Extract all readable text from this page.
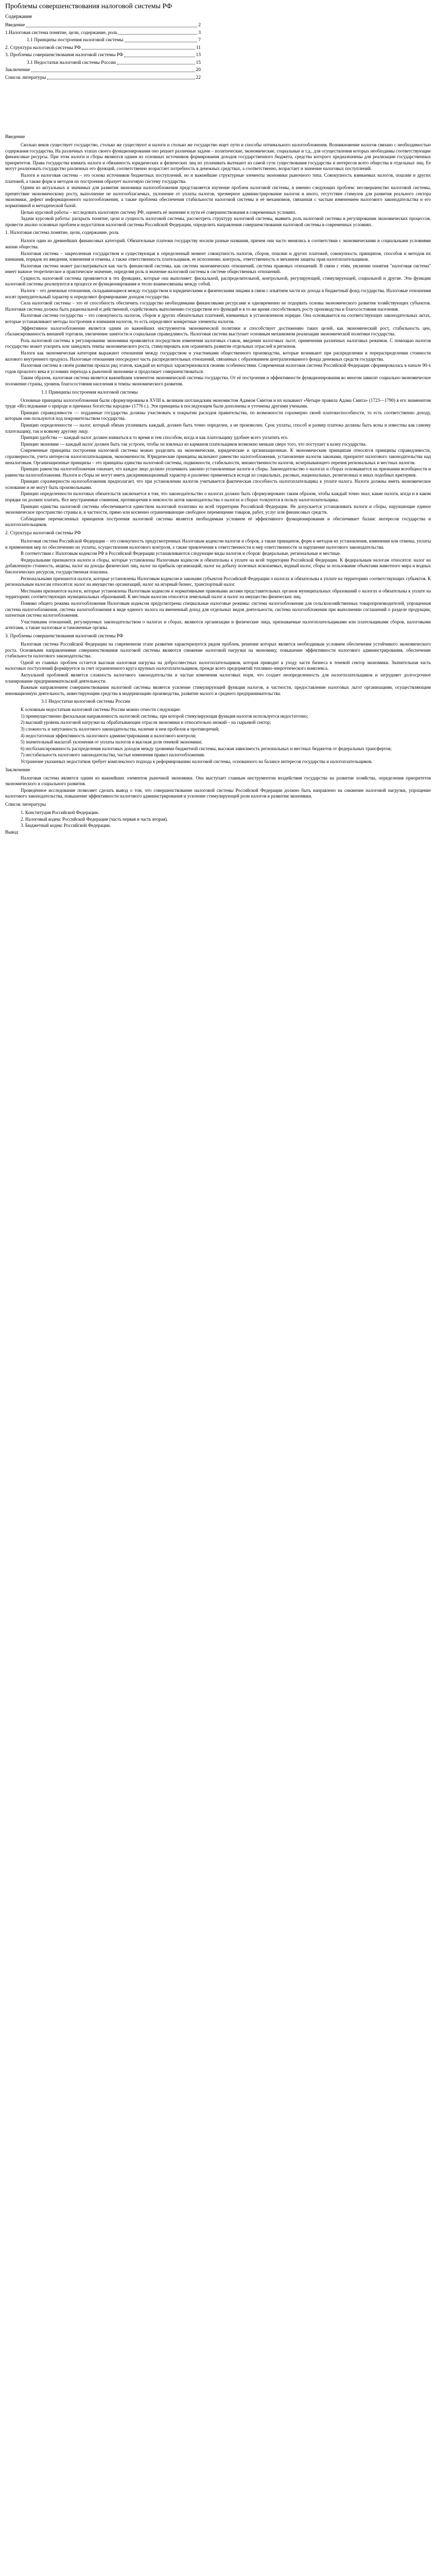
Проблемы совершенствования налоговой системы РФ
Содержание
Введение	2
1.Налоговая система понятие, цели, содержание, роль	3
1.1 Принципы построения налоговой системы	7
2. Структура налоговой системы РФ	11
3. Проблемы совершенствования налоговой системы РФ	13
3.1 Недостатки налоговой системы России	15
Заключение	20
Список литературы	22
Введение

Сколько веков существует государство, столько же существуют и налоги и столько же государство ищет пути и способы оптимального налогообложения. Возникновение налогов связано с необходимостью содержания государства. На различных этапах своего функционирования оно решает различные задачи – политические, экономические, социальные и т.д., для осуществления которых необходимы соответствующие финансовые ресурсы. При этом налоги и сборы являются одним из основных источников формирования доходов государственного бюджета, средства которого предназначены для реализации государственных приоритетов. Права государства взимать налоги и обязанность юридических и физических лиц их уплачивать вытекают из самой сути существования государства и интересов всего общества в отдельных лиц. Ее могут реализовать государство различных его функций, соответственно возрастает потребность в денежных средствах, а соответственно, возрастает и значение налоговых поступлений.

Налоги и налоговая система – это основа источников бюджетных поступлений, но и важнейшие структурные элементы экономики рыночного типа. Совокупность взимаемых налогов, пошлин и других платежей, а также форм и методов их построения образует налоговую систему государства.

Одним из актуальных и значимых для развития экономики налогообложения представляется изучение проблем налоговой системы, в именно следующих проблем: несовершенство налоговой системы, препятствие экономическому росту, выполнение не налогооблагаемых, уклонение от уплаты налогов, чрезмерное администрирование налогов и иного, отсутствие стимулов для развития реального сектора экономики, дефект информационного налогообложения, а также проблема обеспечения стабильности налоговой системы и её механизмов, связанная с частым изменением налогового законодательства и его нормативной и методической базой.

Целью курсовой работы – исследовать налоговую систему РФ, оценить её значение и пути её совершенствования в современных условиях.

Задачи курсовой работы: раскрыть понятие, цели и сущность налоговой системы, рассмотреть структуру налоговой системы, выявить роль налоговой системы в регулировании экономических процессов, провести анализ основных проблем и недостатков налоговой системы Российской Федерации, определить направления совершенствования налоговой системы в современных условиях.

1. Налоговая система понятие, цели, содержание, роль

Налоги один из древнейших финансовых категорий. Обязательные платежи государству носили разные названия, причем они часто менялись в соответствии с экономическими и социальными условиями жизни общества.

Налоговая система – закрепленная государством и существующая в определенный момент совокупность налогов, сборов, пошлин и других платежей, совокупность принципов, способов и методов их взимания, порядок их введения, изменения и отмены, а также ответственность плательщиков, ее исполнение, контроль, ответственность и механизм защиты прав налогоплательщиков.

Налоговая система может рассматриваться как часть финансовой системы, как система экономических отношений, система правовых отношений. В связи с этим, уяснение понятия "налоговая система" имеет важное теоретическое и практическое значение, определяя роль и значение налоговой системы в системе общественных отношений.

Сущность налоговой системы проявляется в тех функциях, которые она выполняет: фискальной, распределительной, контрольной, регулирующей, стимулирующей, социальной и другие. Эти функции налоговой системы реализуются в процессе ее функционирования и тесно взаимосвязаны между собой.

Налоги – это денежные отношения, складывающиеся между государством и юридическими и физическими лицами в связи с изъятием части их дохода в бюджетный фонд государства. Налоговые отношения носят принудительный характер и определяют формирование доходов государства.

Сила налоговой системы – это её способность обеспечить государство необходимыми финансовыми ресурсами и одновременно не подорвать основы экономического развития хозяйствующих субъектов. Налоговая система должна быть рациональной и действенной, содействовать выполнению государством его функций и в то же время способствовать росту производства и благосостояния населения.

Налоговая система государства – это совокупность налогов, сборов и других обязательных платежей, взимаемых в установленном порядке. Она основывается на соответствующих законодательных актах, которые устанавливают методы построения и взимания налогов, то есть определяют конкретные элементы налогов.

Эффективное налогообложение является одним из важнейших инструментов экономической политики и способствует достижению таких целей, как экономический рост, стабильность цен, сбалансированность внешней торговли, увеличение занятости и социальная справедливость. Налоговая система выступает основным механизмом реализации экономической политики государства.

Роль налоговой системы в регулировании экономики проявляется посредством изменения налоговых ставок, введения налоговых льгот, применения различных налоговых режимов. С помощью налогов государство может ускорить или замедлить темпы экономического роста, стимулировать или ограничить развитие отдельных отраслей и регионов.

Налоги как экономическая категория выражают отношения между государством и участниками общественного производства, которые возникают при распределении и перераспределении стоимости валового внутреннего продукта. Налоговые отношения опосредуют часть распределительных отношений, связанных с образованием централизованного фонда денежных средств государства.

Налоговая система в своём развитии прошла ряд этапов, каждый из которых характеризовался своими особенностями. Современная налоговая система Российской Федерации сформировалась в начале 90-х годов прошлого века в условиях перехода к рыночной экономике и продолжает совершенствоваться.

Таким образом, налоговая система является важнейшим элементом экономической системы государства. От её построения и эффективности функционирования во многом зависит социально-экономическое положение страны, уровень благосостояния населения и темпы экономического развития.

1.1 Принципы построения налоговой системы

Основные принципы налогообложения были сформулированы в XVIII в. великим шотландским экономистом Адамом Смитом и их называют «Четыре правила Адама Смита» (1723—1790) в его знаменитом труде «Исследование о природе и причинах богатства народов» (1776 г.). Эти принципы в последующем были дополнены и уточнены другими учеными.

Принцип справедливости — подданные государства должны участвовать в покрытии расходов правительства, по возможности соразмерно своей платежеспособности, то есть соответственно доходу, которым они пользуются под покровительством государства.

Принцип определенности — налог, который обязан уплачивать каждый, должен быть точно определен, а не произволен. Срок уплаты, способ и размер платежа должны быть ясны и известны как самому плательщику, так и всякому другому лицу.

Принцип удобства — каждый налог должен взиматься в то время и тем способом, когда и как плательщику удобнее всего уплатить его.

Принцип экономии — каждый налог должен быть так устроен, чтобы он извлекал из карманов плательщиков возможно меньше сверх того, что поступает в казну государства.

Современные принципы построения налоговой системы можно разделить на экономические, юридические и организационные. К экономическим принципам относятся принципы справедливости, соразмерности, учета интересов налогоплательщиков, экономичности. Юридические принципы включают равенство налогообложения, установление налогов законами, приоритет налогового законодательства над неналоговым. Организационные принципы – это принципы единства налоговой системы, подвижности, стабильности, множественности налогов, исчерпывающего перечня региональных и местных налогов.

Принцип равенства налогообложения означает, что каждое лицо должно уплачивать законно установленные налоги и сборы. Законодательство о налогах и сборах основывается на признании всеобщности и равенства налогообложения. Налоги и сборы не могут иметь дискриминационный характер и различно применяться исходя из социальных, расовых, национальных, религиозных и иных подобных критериев.

Принцип соразмерности налогообложения предполагает, что при установлении налогов учитывается фактическая способность налогоплательщика к уплате налога. Налоги должны иметь экономическое основание и не могут быть произвольными.

Принцип определенности налоговых обязательств заключается в том, что законодательство о налогах должно быть сформулировано таким образом, чтобы каждый точно знал, какие налоги, когда и в каком порядке он должен платить. Все неустранимые сомнения, противоречия и неясности актов законодательства о налогах и сборах толкуются в пользу налогоплательщика.

Принцип единства налоговой системы обеспечивается единством налоговой политики на всей территории Российской Федерации. Не допускается устанавливать налоги и сборы, нарушающие единое экономическое пространство страны и, в частности, прямо или косвенно ограничивающие свободное перемещение товаров, работ, услуг или финансовых средств.

Соблюдение перечисленных принципов построения налоговой системы является необходимым условием её эффективного функционирования и обеспечивает баланс интересов государства и налогоплательщиков.

2. Структура налоговой системы РФ

Налоговая система Российской Федерации – это совокупность предусмотренных Налоговым кодексом налогов и сборов, а также принципов, форм и методов их установления, изменения или отмены, уплаты и применения мер по обеспечению их уплаты, осуществления налогового контроля, а также привлечения к ответственности и мер ответственности за нарушение налогового законодательства.

В соответствии с Налоговым кодексом РФ в Российской Федерации устанавливаются следующие виды налогов и сборов: федеральные, региональные и местные.

Федеральными признаются налоги и сборы, которые установлены Налоговым кодексом и обязательны к уплате на всей территории Российской Федерации. К федеральным налогам относятся: налог на добавленную стоимость, акцизы, налог на доходы физических лиц, налог на прибыль организаций, налог на добычу полезных ископаемых, водный налог, сборы за пользование объектами животного мира и водных биологических ресурсов, государственная пошлина.

Региональными признаются налоги, которые установлены Налоговым кодексом и законами субъектов Российской Федерации о налогах и обязательны к уплате на территориях соответствующих субъектов. К региональным налогам относятся: налог на имущество организаций, налог на игорный бизнес, транспортный налог.

Местными признаются налоги, которые установлены Налоговым кодексом и нормативными правовыми актами представительных органов муниципальных образований о налогах и обязательны к уплате на территориях соответствующих муниципальных образований. К местным налогам относятся земельный налог и налог на имущество физических лиц.

Помимо общего режима налогообложения Налоговым кодексом предусмотрены специальные налоговые режимы: система налогообложения для сельскохозяйственных товаропроизводителей, упрощенная система налогообложения, система налогообложения в виде единого налога на вмененный доход для отдельных видов деятельности, система налогообложения при выполнении соглашений о разделе продукции, патентная система налогообложения.

Участниками отношений, регулируемых законодательством о налогах и сборах, являются организации и физические лица, признаваемые налогоплательщиками или плательщиками сборов, налоговыми агентами, а также налоговые и таможенные органы.

3. Проблемы совершенствования налоговой системы РФ

Налоговая система Российской Федерации на современном этапе развития характеризуется рядом проблем, решение которых является необходимым условием обеспечения устойчивого экономического роста. Основными направлениями совершенствования налоговой системы являются снижение налоговой нагрузки на экономику, повышение эффективности налогового администрирования, обеспечение стабильности налогового законодательства.

Одной из главных проблем остается высокая налоговая нагрузка на добросовестных налогоплательщиков, которая приводит к уходу части бизнеса в теневой сектор экономики. Значительная часть налоговых поступлений формируется за счет ограниченного круга крупных налогоплательщиков, прежде всего предприятий топливно-энергетического комплекса.

Актуальной проблемой является сложность налогового законодательства и частые изменения налоговых норм, что создает неопределенность для налогоплательщиков и затрудняет долгосрочное планирование предпринимательской деятельности.

Важным направлением совершенствования налоговой системы является усиление стимулирующей функции налогов, в частности, предоставление налоговых льгот организациям, осуществляющим инновационную деятельность, инвестирующим средства в модернизацию производства, развитие малого и среднего предпринимательства.

3.1 Недостатки налоговой системы России

К основным недостаткам налоговой системы России можно отнести следующие:

1) преимущественно фискальная направленность налоговой системы, при которой стимулирующая функция налогов используется недостаточно;

2) высокий уровень налоговой нагрузки на обрабатывающие отрасли экономики и относительно низкий – на сырьевой сектор;

3) сложность и запутанность налогового законодательства, наличие в нем пробелов и противоречий;

4) недостаточная эффективность налогового администрирования и налогового контроля;

5) значительный масштаб уклонения от уплаты налогов и высокая доля теневой экономики;

6) несбалансированность распределения налоговых доходов между уровнями бюджетной системы, высокая зависимость региональных и местных бюджетов от федеральных трансфертов;

7) нестабильность налогового законодательства, частые изменения правил налогообложения.

Устранение указанных недостатков требует комплексного подхода к реформированию налоговой системы, основанного на балансе интересов государства и налогоплательщиков.

Заключение

Налоговая система является одним из важнейших элементов рыночной экономики. Она выступает главным инструментом воздействия государства на развитие хозяйства, определения приоритетов экономического и социального развития.

Проведённое исследование позволяет сделать вывод о том, что совершенствование налоговой системы Российской Федерации должно быть направлено на снижение налоговой нагрузки, упрощение налогового законодательства, повышение эффективности налогового администрирования и усиление стимулирующей роли налогов в развитии экономики.

Список литературы

1. Конституция Российской Федерации.

2. Налоговый кодекс Российской Федерации (часть первая и часть вторая).

3. Бюджетный кодекс Российской Федерации.

Вывод
